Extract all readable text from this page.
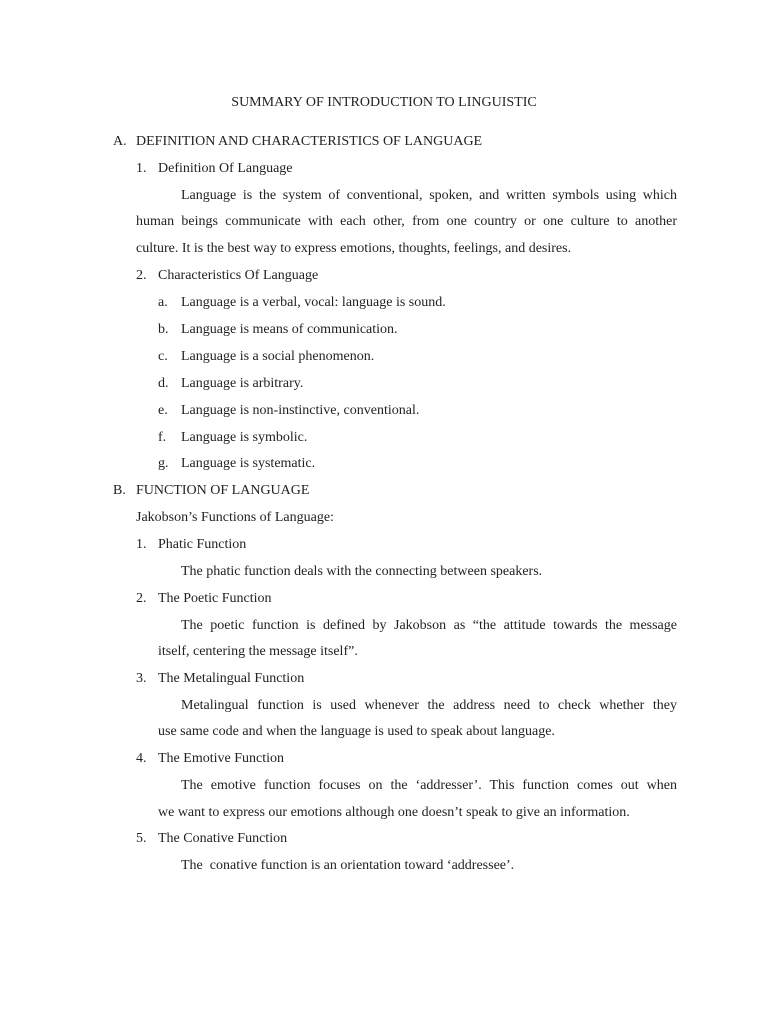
SUMMARY OF INTRODUCTION TO LINGUISTIC
A. DEFINITION AND CHARACTERISTICS OF LANGUAGE
1. Definition Of Language
Language is the system of conventional, spoken, and written symbols using which
human beings communicate with each other, from one country or one culture to another
culture. It is the best way to express emotions, thoughts, feelings, and desires.
2. Characteristics Of Language
a. Language is a verbal, vocal: language is sound.
b. Language is means of communication.
c. Language is a social phenomenon.
d. Language is arbitrary.
e. Language is non-instinctive, conventional.
f. Language is symbolic.
g. Language is systematic.
B. FUNCTION OF LANGUAGE
Jakobson’s Functions of Language:
1. Phatic Function
The phatic function deals with the connecting between speakers.
2. The Poetic Function
The poetic function is defined by Jakobson as “the attitude towards the message
itself, centering the message itself”.
3. The Metalingual Function
Metalingual function is used whenever the address need to check whether they
use same code and when the language is used to speak about language.
4. The Emotive Function
The emotive function focuses on the ‘addresser’. This function comes out when
we want to express our emotions although one doesn’t speak to give an information.
5. The Conative Function
The  conative function is an orientation toward ‘addressee’.
